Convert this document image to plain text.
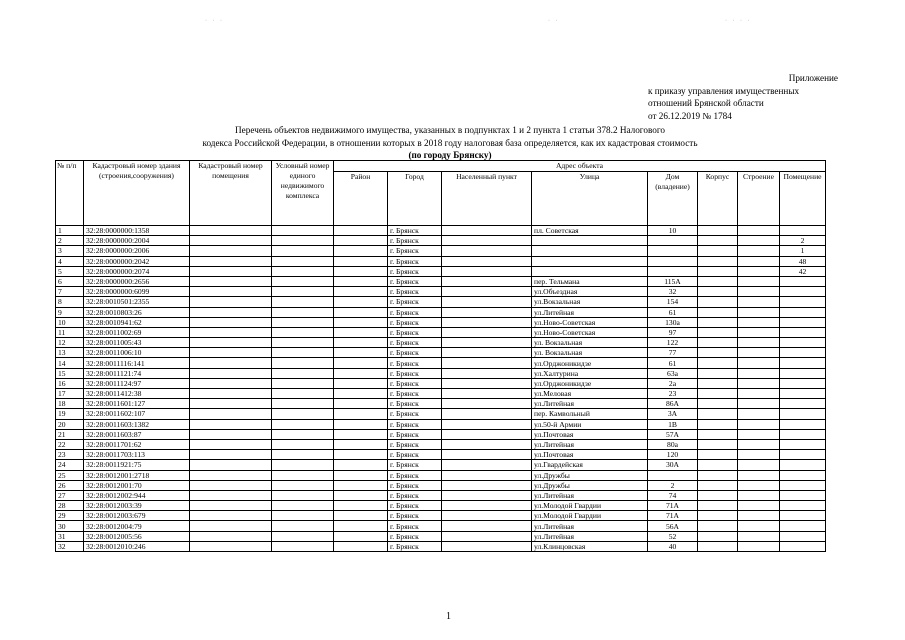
· · ·	· ·	· · · ·
Приложение
к приказу управления имущественных
отношений Брянской области
от 26.12.2019 № 1784
Перечень объектов недвижимого имущества, указанных в подпунктах 1 и 2 пункта 1 статьи 378.2 Налогового
кодекса Российской Федерации, в отношении которых в 2018 году налоговая база определяется, как их кадастровая стоимость
(по городу Брянску)
№ п/п	Кадастровый номер здания (строения,сооружения)	Кадастровый номер помещения	Условный номер единого недвижимого комплекса	Адрес объекта							
				Район	Город	Населенный пункт	Улица	Дом (владение)	Корпус	Строение	Помещение
1	32:28:0000000:1358				г. Брянск		пл. Советская	10			
2	32:28:0000000:2004				г. Брянск						2
3	32:28:0000000:2006				г. Брянск						1
4	32:28:0000000:2042				г. Брянск						48
5	32:28:0000000:2074				г. Брянск						42
6	32:28:0000000:2656				г. Брянск		пер. Тельмана	115А			
7	32:28:0000000:6099				г. Брянск		ул.Объездная	32			
8	32:28:0010501:2355				г. Брянск		ул.Вокзальная	154			
9	32:28:0010803:26				г. Брянск		ул.Литейная	61			
10	32:28:0010941:62				г. Брянск		ул.Ново-Советская	130а			
11	32:28:0011002:69				г. Брянск		ул.Ново-Советская	97			
12	32:28:0011005:43				г. Брянск		ул. Вокзальная	122			
13	32:28:0011006:10				г. Брянск		ул. Вокзальная	77			
14	32:28:0011116:141				г. Брянск		ул.Орджоникидзе	61			
15	32:28:0011121:74				г. Брянск		ул.Халтурина	63а			
16	32:28:0011124:97				г. Брянск		ул.Орджоникидзе	2а			
17	32:28:0011412:38				г. Брянск		ул.Меловая	23			
18	32:28:0011601:127				г. Брянск		ул.Литейная	86А			
19	32:28:0011602:107				г. Брянск		пер. Камвольный	3А			
20	32:28:0011603:1382				г. Брянск		ул.50-й Армии	1В			
21	32:28:0011603:87				г. Брянск		ул.Почтовая	57А			
22	32:28:0011701:62				г. Брянск		ул.Литейная	80а			
23	32:28:0011703:113				г. Брянск		ул.Почтовая	120			
24	32:28:0011921:75				г. Брянск		ул.Гвардейская	30А			
25	32:28:0012001:2718				г. Брянск		ул.Дружбы				
26	32:28:0012001:70				г. Брянск		ул.Дружбы	2			
27	32:28:0012002:944				г. Брянск		ул.Литейная	74			
28	32:28:0012003:39				г. Брянск		ул.Молодой Гвардии	71А			
29	32:28:0012003:679				г. Брянск		ул.Молодой Гвардии	71А			
30	32:28:0012004:79				г. Брянск		ул.Литейная	56А			
31	32:28:0012005:56				г. Брянск		ул.Литейная	52			
32	32:28:0012010:246				г. Брянск		ул.Клинцовская	40			
1
